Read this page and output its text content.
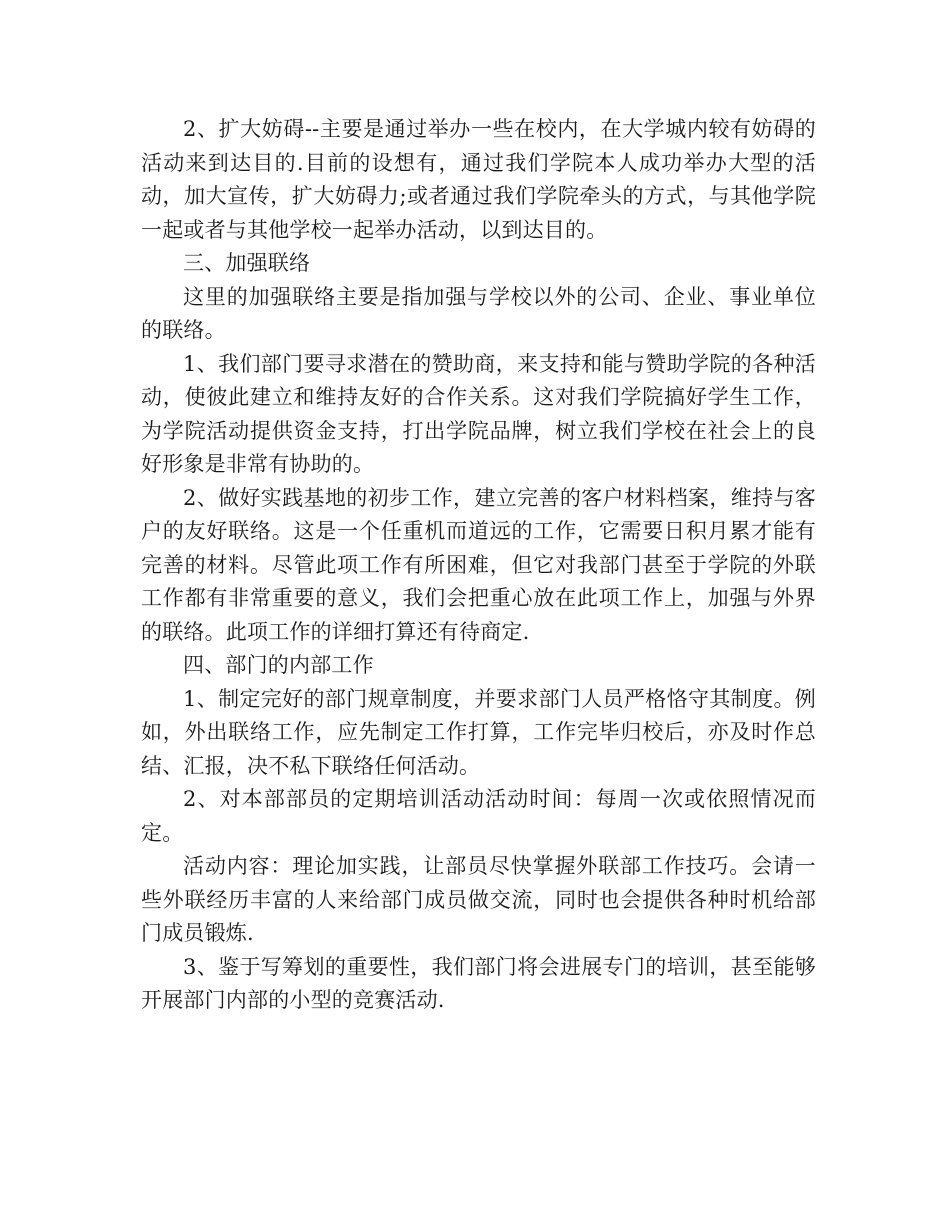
2、扩大妨碍--主要是通过举办一些在校内，在大学城内较有妨碍的活动来到达目的.目前的设想有，通过我们学院本人成功举办大型的活动，加大宣传，扩大妨碍力;或者通过我们学院牵头的方式，与其他学院一起或者与其他学校一起举办活动，以到达目的。

三、加强联络

这里的加强联络主要是指加强与学校以外的公司、企业、事业单位的联络。

1、我们部门要寻求潜在的赞助商，来支持和能与赞助学院的各种活动，使彼此建立和维持友好的合作关系。这对我们学院搞好学生工作，为学院活动提供资金支持，打出学院品牌，树立我们学校在社会上的良好形象是非常有协助的。

2、做好实践基地的初步工作，建立完善的客户材料档案，维持与客户的友好联络。这是一个任重机而道远的工作，它需要日积月累才能有完善的材料。尽管此项工作有所困难，但它对我部门甚至于学院的外联工作都有非常重要的意义，我们会把重心放在此项工作上，加强与外界的联络。此项工作的详细打算还有待商定.

四、部门的内部工作

1、制定完好的部门规章制度，并要求部门人员严格恪守其制度。例如，外出联络工作，应先制定工作打算，工作完毕归校后，亦及时作总结、汇报，决不私下联络任何活动。

2、对本部部员的定期培训活动活动时间：每周一次或依照情况而定。

活动内容：理论加实践，让部员尽快掌握外联部工作技巧。会请一些外联经历丰富的人来给部门成员做交流，同时也会提供各种时机给部门成员锻炼.

3、鉴于写筹划的重要性，我们部门将会进展专门的培训，甚至能够开展部门内部的小型的竞赛活动.
